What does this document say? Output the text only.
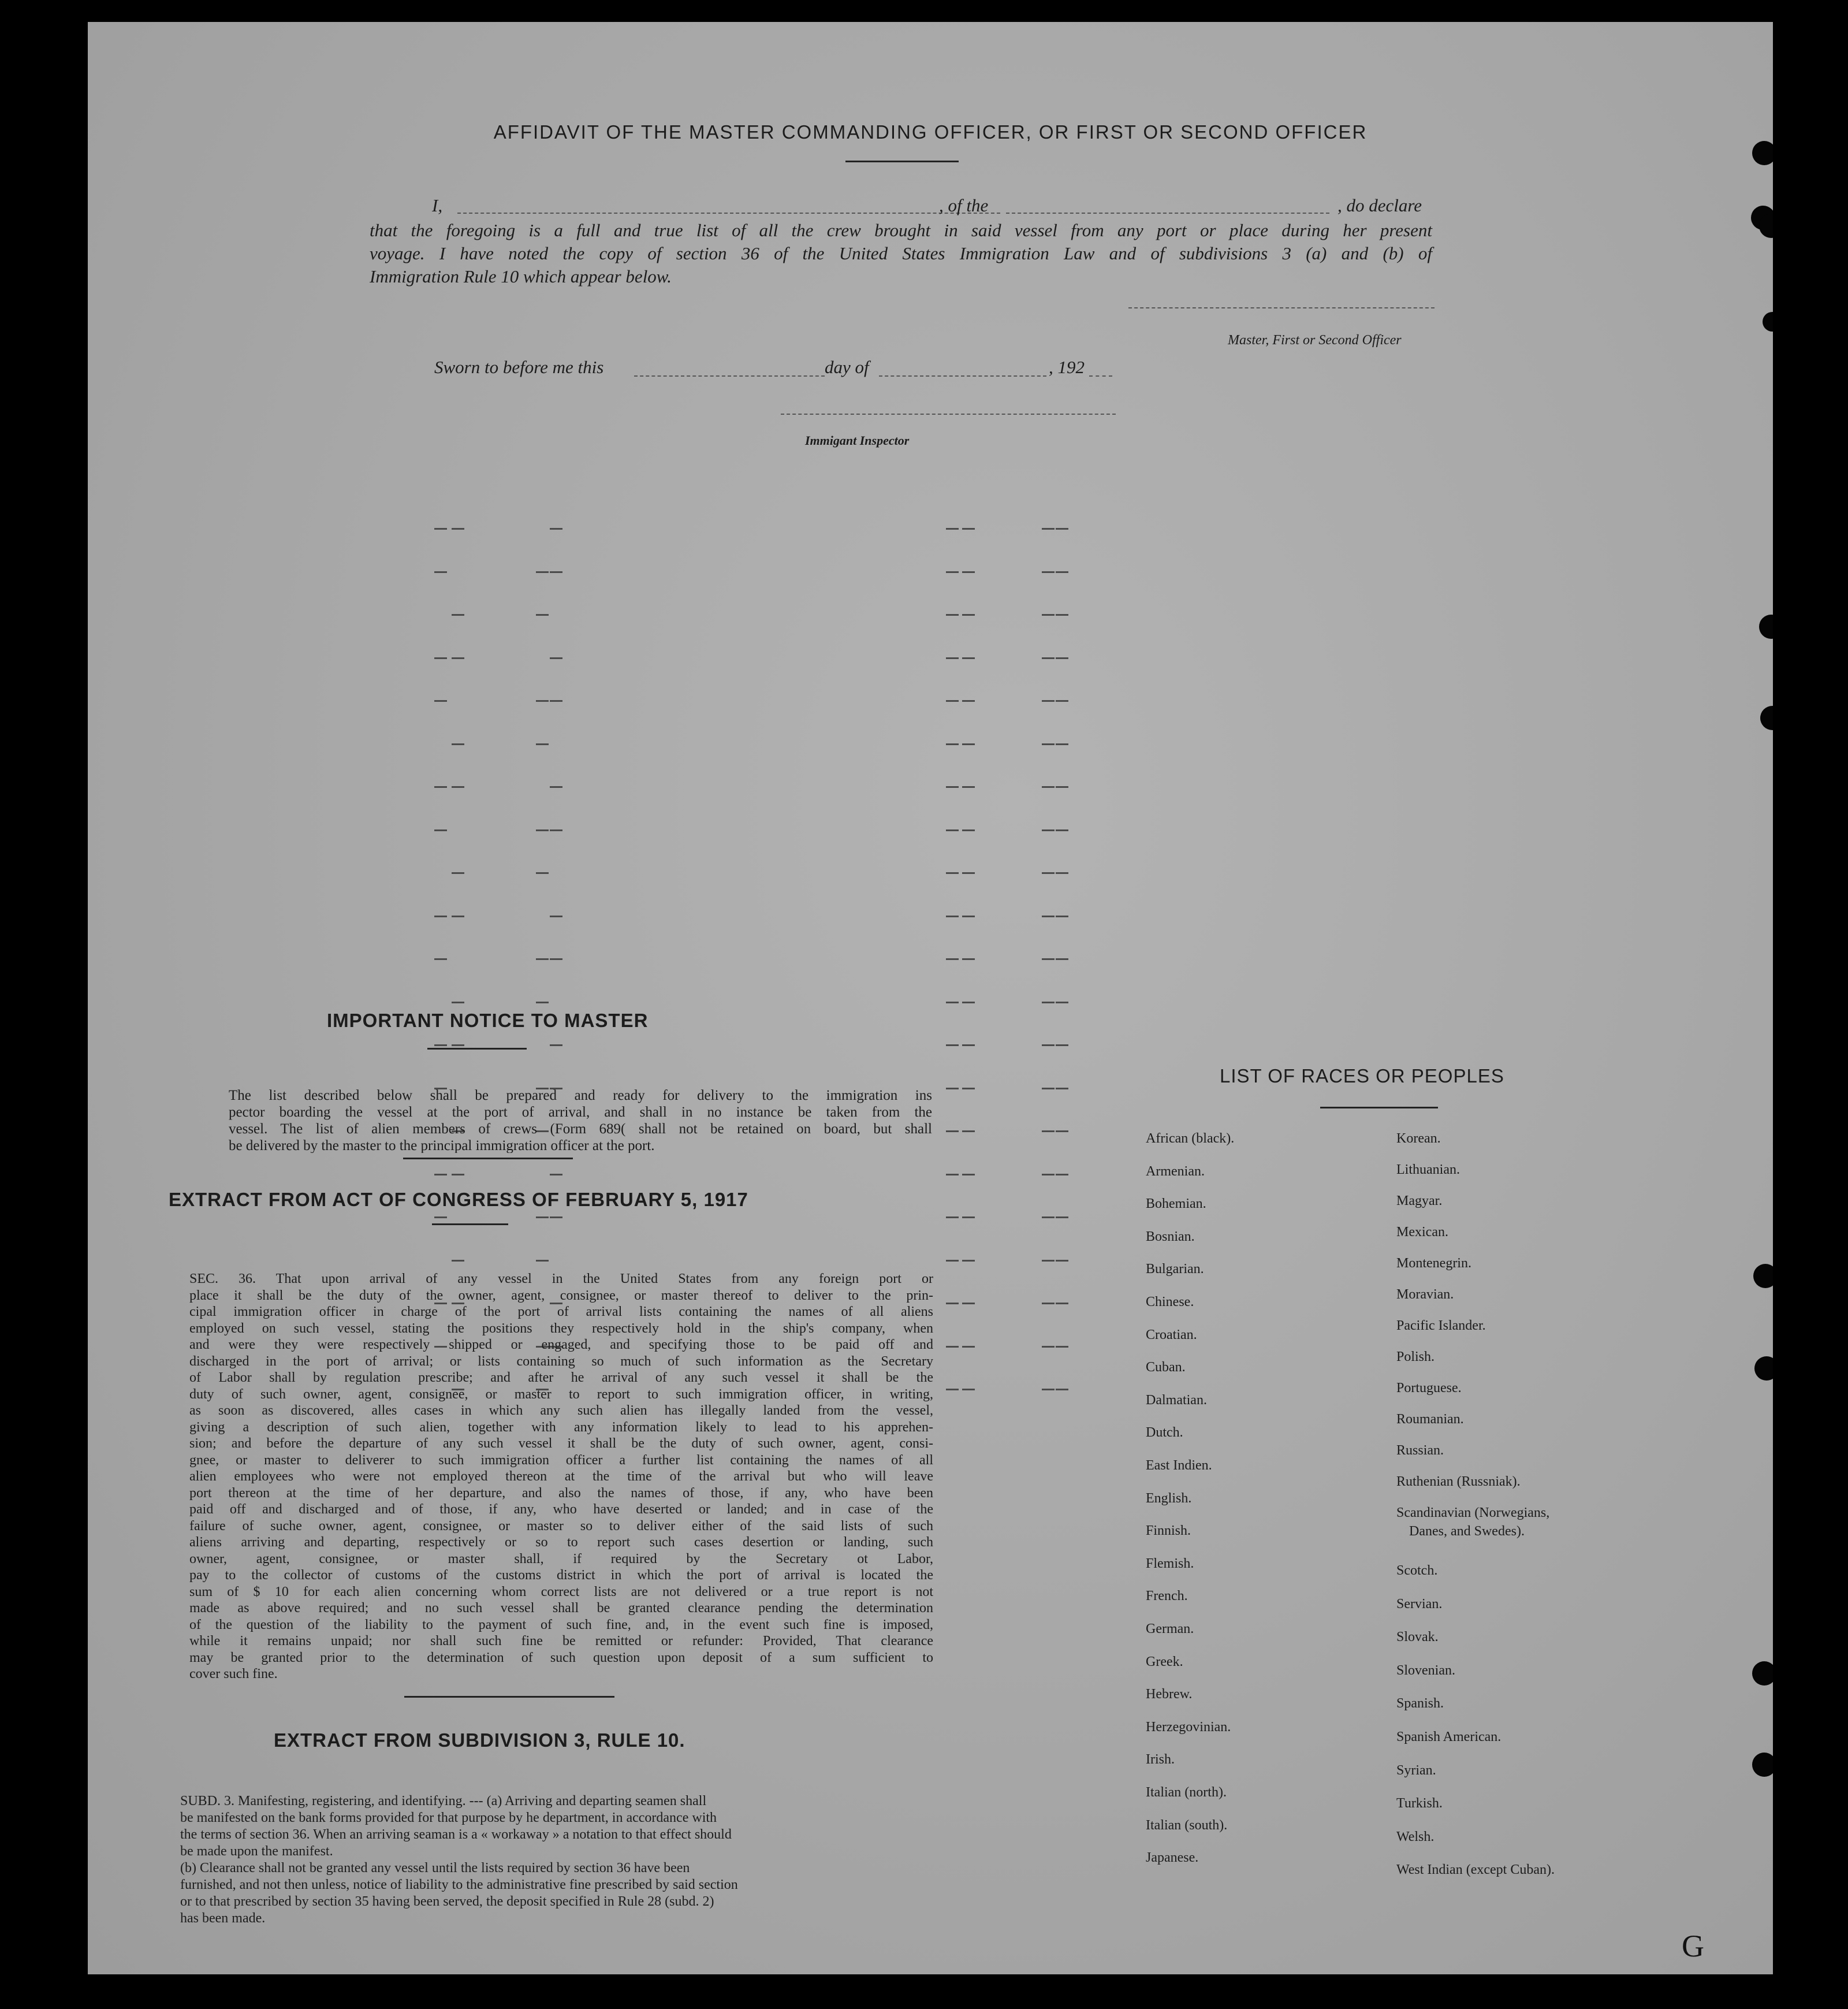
AFFIDAVIT OF THE MASTER COMMANDING OFFICER, OR FIRST OR SECOND OFFICER
I,	, of the	, do declare
that the foregoing is a full and true list of all the crew brought in said vessel from any port or place during her present
voyage. I have noted the copy of section 36 of the United States Immigration Law and of subdivisions 3 (a) and (b) of
Immigration Rule 10 which appear below.
Master, First or Second Officer
Sworn to before me this	day of	, 192
Immigant Inspector
IMPORTANT NOTICE TO MASTER
The list described below shall be prepared and ready for delivery to the immigration ins
pector boarding the vessel at the port of arrival, and shall in no instance be taken from the
vessel. The list of alien members of crews (Form 689( shall not be retained on board, but shall
be delivered by the master to the principal immigration officer at the port.
EXTRACT FROM ACT OF CONGRESS OF FEBRUARY 5, 1917
SEC. 36. That upon arrival of any vessel in the United States from any foreign port or
place it shall be the duty of the owner, agent, consignee, or master thereof to deliver to the prin-
cipal immigration officer in charge of the port of arrival lists containing the names of all aliens
employed on such vessel, stating the positions they respectively hold in the ship's company, when
and were they were respectively shipped or engaged, and specifying those to be paid off and
discharged in the port of arrival; or lists containing so much of such information as the Secretary
of Labor shall by regulation prescribe; and after he arrival of any such vessel it shall be the
duty of such owner, agent, consignee, or master to report to such immigration officer, in writing,
as soon as discovered, alles cases in which any such alien has illegally landed from the vessel,
giving a description of such alien, together with any information likely to lead to his apprehen-
sion; and before the departure of any such vessel it shall be the duty of such owner, agent, consi-
gnee, or master to deliverer to such immigration officer a further list containing the names of all
alien employees who were not employed thereon at the time of the arrival but who will leave
port thereon at the time of her departure, and also the names of those, if any, who have been
paid off and discharged and of those, if any, who have deserted or landed; and in case of the
failure of suche owner, agent, consignee, or master so to deliver either of the said lists of such
aliens arriving and departing, respectively or so to report such cases desertion or landing, such
owner, agent, consignee, or master shall, if required by the Secretary ot Labor,
pay to the collector of customs of the customs district in which the port of arrival is located the
sum of $ 10 for each alien concerning whom correct lists are not delivered or a true report is not
made as above required; and no such vessel shall be granted clearance pending the determination
of the question of the liability to the payment of such fine, and, in the event such fine is imposed,
while it remains unpaid; nor shall such fine be remitted or refunder: Provided, That clearance
may be granted prior to the determination of such question upon deposit of a sum sufficient to
cover such fine.
EXTRACT FROM SUBDIVISION 3, RULE 10.
SUBD. 3. Manifesting, registering, and identifying. --- (a) Arriving and departing seamen shall
be manifested on the bank forms provided for that purpose by he department, in accordance with
the terms of section 36. When an arriving seaman is a « workaway » a notation to that effect should
be made upon the manifest.
(b) Clearance shall not be granted any vessel until the lists required by section 36 have been
furnished, and not then unless, notice of liability to the administrative fine prescribed by said section
or to that prescribed by section 35 having been served, the deposit specified in Rule 28 (subd. 2)
has been made.
LIST OF RACES OR PEOPLES
African (black).
Armenian.
Bohemian.
Bosnian.
Bulgarian.
Chinese.
Croatian.
Cuban.
Dalmatian.
Dutch.
East Indien.
English.
Finnish.
Flemish.
French.
German.
Greek.
Hebrew.
Herzegovinian.
Irish.
Italian (north).
Italian (south).
Japanese.
Korean.
Lithuanian.
Magyar.
Mexican.
Montenegrin.
Moravian.
Pacific Islander.
Polish.
Portuguese.
Roumanian.
Russian.
Ruthenian (Russniak).
Scandinavian (Norwegians,
Danes, and Swedes).
Scotch.
Servian.
Slovak.
Slovenian.
Spanish.
Spanish American.
Syrian.
Turkish.
Welsh.
West Indian (except Cuban).
G
